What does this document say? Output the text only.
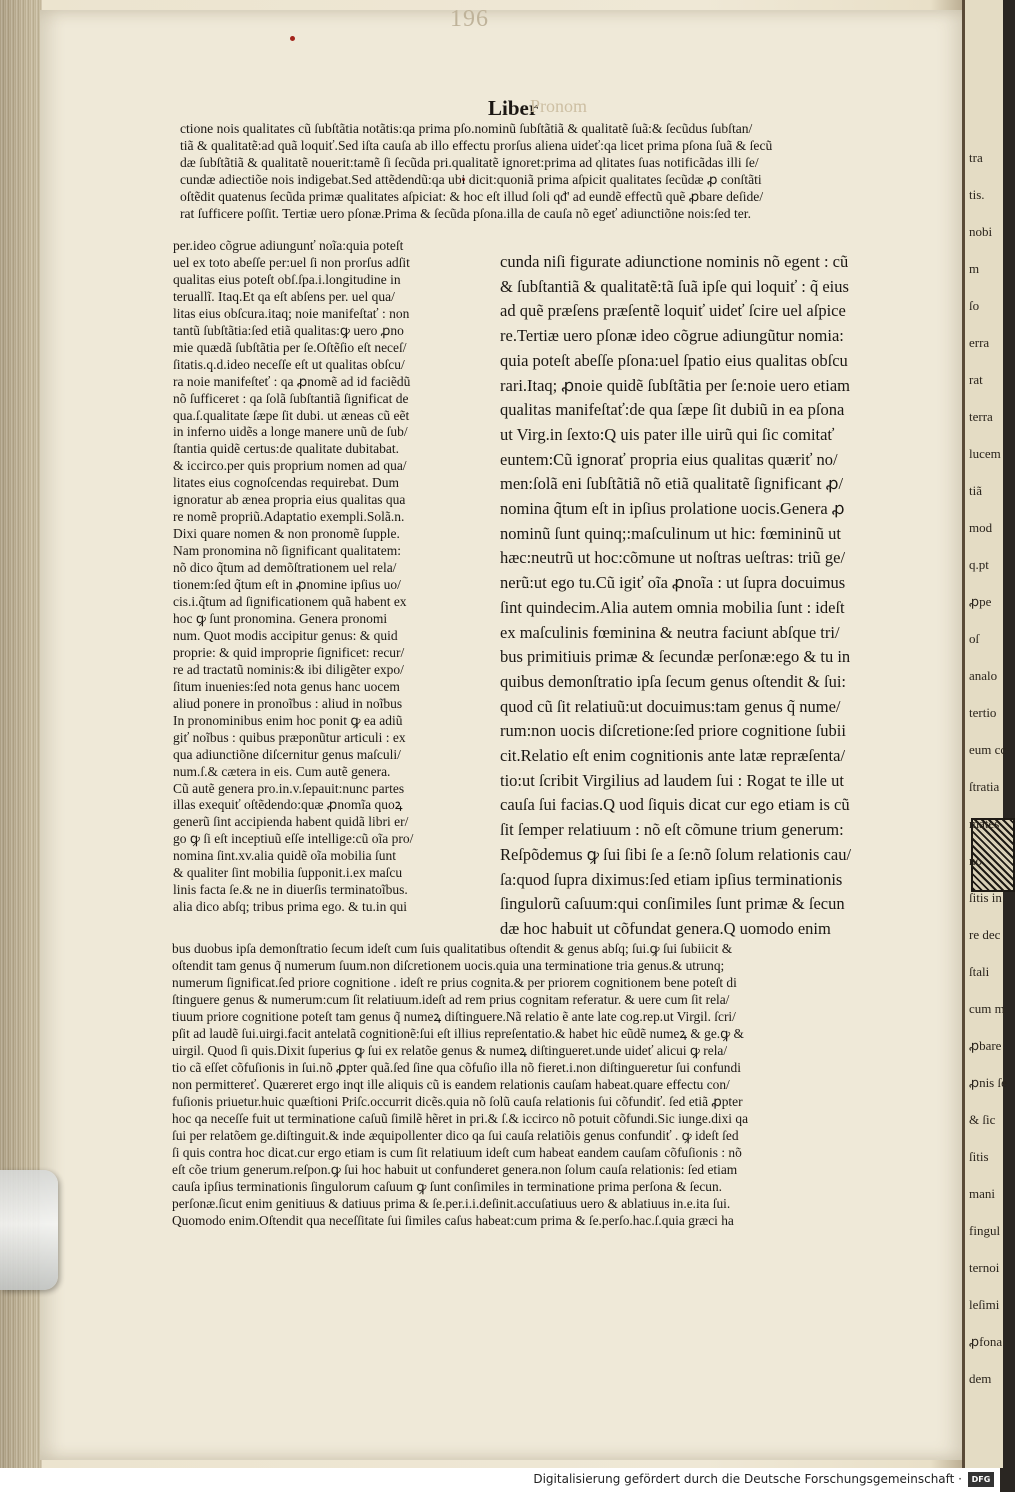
196
Liber
Pronom
ctione nois qualitates cũ ſubſtãtia notãtis:qa prima pſo.nominũ ſubſtãtiã & qualitatẽ ſuã:& ſecũdus ſubſtan/
tiã & qualitatẽ:ad quã loquiť.Sed iſta cauſa ab illo effectu prorſus aliena uideť:qa licet prima pſona ſuã & ſecũ
dæ ſubſtãtiã & qualitatẽ nouerit:tamẽ ſi ſecũda pri.qualitatẽ ignoret:prima ad qlitates ſuas notificãdas illi ſe/
cundæ adiectiõe nois indigebat.Sed attẽdendũ:qa ubi dicit:quoniã prima aſpicit qualitates ſecũdæ ꝓ conſtãti
oſtẽdit quatenus ſecũda primæ qualitates aſpiciat: & hoc eſt illud ſoli qđ' ad eundẽ effectũ quẽ ꝓbare deſide/
rat ſufficere poſſit. Tertiæ uero pſonæ.Prima & ſecũda pſona.illa de cauſa nõ egeť adiunctiõne nois:ſed ter.
per.ideo cõgrue adiungunť noĩa:quia poteſt
uel ex toto abeſſe per:uel ſi non prorſus adſit
qualitas eius poteſt obſ.ſpa.i.longitudine in
teruallĩ. Itaq.Et qa eſt abſens per. uel qua/
litas eius obſcura.itaq; noie manifeſtať : non
tantũ ſubſtãtia:ſed etiã qualitas:ꝙ uero ꝓno
mie quædã ſubſtãtia per ſe.Oſtẽſio eſt neceſ/
ſitatis.q.d.ideo neceſſe eſt ut qualitas obſcu/
ra noie manifeſteť : qa ꝓnomẽ ad id faciẽdũ
nõ ſufficeret : qa ſolã ſubſtantiã ſignificat de
qua.ſ.qualitate ſæpe ſit dubi. ut æneas cũ eẽt
in inferno uidẽs a longe manere unũ de ſub/
ſtantia quidẽ certus:de qualitate dubitabat.
& iccirco.per quis proprium nomen ad qua/
litates eius cognoſcendas requirebat. Dum
ignoratur ab ænea propria eius qualitas qua
re nomẽ propriũ.Adaptatio exempli.Solã.n.
Dixi quare nomen & non pronomẽ ſupple.
Nam pronomina nõ ſignificant qualitatem:
nõ dico q̃tum ad demõſtrationem uel rela/
tionem:ſed q̃tum eſt in ꝓnomine ipſius uo/
cis.i.q̃tum ad ſignificationem quã habent ex
hoc ꝙ ſunt pronomina. Genera pronomi
num. Quot modis accipitur genus: & quid
proprie: & quid improprie ſignificet: recur/
re ad tractatũ nominis:& ibi diligẽter expo/
ſitum inuenies:ſed nota genus hanc uocem
aliud ponere in pronoĩbus : aliud in noĩbus
In pronominibus enim hoc ponit ꝙ ea adiũ
giť noĩbus : quibus præponũtur articuli : ex
qua adiunctiõne diſcernitur genus maſculi/
num.ſ.& cætera in eis. Cum autẽ genera.
Cũ autẽ genera pro.in.v.ſepauit:nunc partes
illas exequiť oſtẽdendo:quæ ꝓnomĩa quoꝝ
generũ ſint accipienda habent quidã libri er/
go ꝙ ſi eſt inceptiuũ eſſe intellige:cũ oĩa pro/
nomina ſint.xv.alia quidẽ oĩa mobilia ſunt
& qualiter ſint mobilia ſupponit.i.ex maſcu
linis facta ſe.& ne in diuerſis terminatoĩbus.
alia dico abſq; tribus prima ego. & tu.in qui
cunda niſi figurate adiunctione nominis nõ egent : cũ
& ſubſtantiã & qualitatẽ:tã ſuã ipſe qui loquiť : q̃ eius
ad quẽ præſens præſentẽ loquiť uideť ſcire uel aſpice
re.Tertiæ uero pſonæ ideo cõgrue adiungũtur nomia:
quia poteſt abeſſe pſona:uel ſpatio eius qualitas obſcu
rari.Itaq; ꝓnoie quidẽ ſubſtãtia per ſe:noie uero etiam
qualitas manifeſtať:de qua ſæpe ſit dubiũ in ea pſona
ut Virg.in ſexto:Q uis pater ille uirũ qui ſic comitať
euntem:Cũ ignorať propria eius qualitas quæriť no/
men:ſolã eni ſubſtãtiã nõ etiã qualitatẽ ſignificant ꝓ/
nomina q̃tum eſt in ipſius prolatione uocis.Genera ꝓ
nominũ ſunt quinq;:maſculinum ut hic: fœmininũ ut
hæc:neutrũ ut hoc:cõmune ut noſtras ueſtras: triũ ge/
nerũ:ut ego tu.Cũ igiť oĩa ꝓnoĩa : ut ſupra docuimus
ſint quindecim.Alia autem omnia mobilia ſunt : ideſt
ex maſculinis fœminina & neutra faciunt abſque tri/
bus primitiuis primæ & ſecundæ perſonæ:ego & tu in
quibus demonſtratio ipſa ſecum genus oſtendit & ſui:
quod cũ ſit relatiuũ:ut docuimus:tam genus q̃ nume/
rum:non uocis diſcretione:ſed priore cognitione ſubii
cit.Relatio eſt enim cognitionis ante latæ repræſenta/
tio:ut ſcribit Virgilius ad laudem ſui : Rogat te ille ut
cauſa ſui facias.Q uod ſiquis dicat cur ego etiam is cũ
ſit ſemper relatiuum : nõ eſt cõmune trium generum:
Reſpõdemus ꝙ ſui ſibi ſe a ſe:nõ ſolum relationis cau/
ſa:quod ſupra diximus:ſed etiam ipſius terminationis
ſingulorũ caſuum:qui conſimiles ſunt primæ & ſecun
dæ hoc habuit ut cõfundat genera.Q uomodo enim
bus duobus ipſa demonſtratio ſecum ideſt cum ſuis qualitatibus oſtendit & genus abſq; ſui.ꝙ ſui ſubiicit &
oſtendit tam genus q̃ numerum ſuum.non diſcretionem uocis.quia una terminatione tria genus.& utrunq;
numerum ſignificat.ſed priore cognitione . ideſt re prius cognita.& per priorem cognitionem bene poteſt di
ſtinguere genus & numerum:cum ſit relatiuum.ideſt ad rem prius cognitam referatur. & uere cum ſit rela/
tiuum priore cognitione poteſt tam genus q̃ numeꝝ diſtinguere.Nã relatio ẽ ante late cog.rep.ut Virgil. ſcri/
pſit ad laudẽ ſui.uirgi.facit antelatã cognitionẽ:ſui eſt illius repreſentatio.& habet hic eũdẽ numeꝝ & ge.ꝙ &
uirgil. Quod ſi quis.Dixit ſuperius ꝙ ſui ex relatõe genus & numeꝝ diſtingueret.unde uideť alicui ꝙ rela/
tio cã eſſet cõfuſionis in ſui.nõ ꝓpter quã.ſed ſine qua cõfuſio illa nõ fieret.i.non diſtingueretur ſui confundi
non permittereť. Quæreret ergo inqt ille aliquis cũ is eandem relationis cauſam habeat.quare effectu con/
fuſionis priuetur.huic quæſtioni Priſc.occurrit dicẽs.quia nõ ſolũ cauſa relationis ſui cõfundiť. ſed etiã ꝓpter
hoc qa neceſſe fuit ut terminatione caſuũ ſimilẽ hẽret in pri.& ſ.& iccirco nõ potuit cõfundi.Sic iunge.dixi qa
ſui per relatõem ge.diſtinguit.& inde æquipollenter dico qa ſui cauſa relatiõis genus confundiť . ꝙ ideſt ſed
ſi quis contra hoc dicat.cur ergo etiam is cum ſit relatiuum ideſt cum habeat eandem cauſam cõfuſionis : nõ
eſt cõe trium generum.reſpon.ꝙ ſui hoc habuit ut confunderet genera.non ſolum cauſa relationis: ſed etiam
cauſa ipſius terminationis ſingulorum caſuum ꝙ ſunt conſimiles in terminatione prima perſona & ſecun.
perſonæ.ſicut enim genitiuus & datiuus prima & ſe.per.i.i.deſinit.accuſatiuus uero & ablatiuus in.e.ita ſui.
Quomodo enim.Oſtendit qua neceſſitate ſui ſimiles caſus habeat:cum prima & ſe.perſo.hac.ſ.quia græci ha
tra
tis.
nobi
m
ſo
erra
rat
terra
lucem
tiã
mod
q.pt
ꝓpe
oſ
analo
tertio
eum cc
ſtratia
mates
no
ſitis in
re dec
ſtali
cum m
ꝓbare
ꝓnis ſe
& ſic
ſitis
mani
fingul
ternoi
leſimi
ꝓfona
dem
Digitalisierung gefördert durch die Deutsche Forschungsgemeinschaft ·	DFG
